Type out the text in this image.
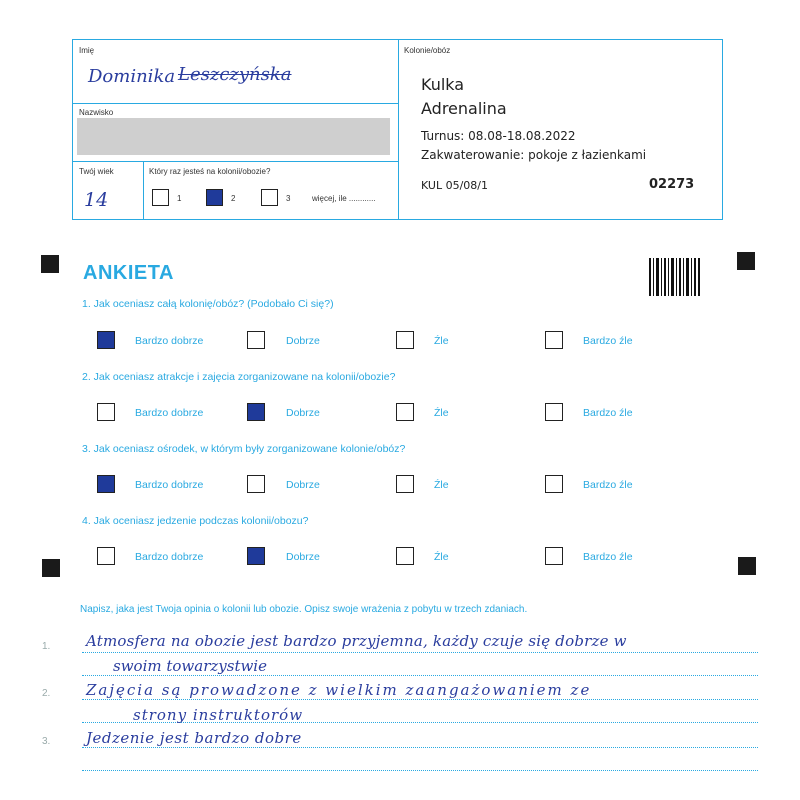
Imię
Dominika Leszczyńska
Nazwisko
Twój wiek
14
Który raz jesteś na kolonii/obozie?
1	2	3	więcej, ile ............
Kolonie/obóz
Kulka
Adrenalina
Turnus: 08.08-18.08.2022
Zakwaterowanie: pokoje z łazienkami
KUL 05/08/1	02273
ANKIETA
1. Jak oceniasz całą kolonię/obóz? (Podobało Ci się?)
2. Jak oceniasz atrakcje i zajęcia zorganizowane na kolonii/obozie?
3. Jak oceniasz ośrodek, w którym były zorganizowane kolonie/obóz?
4. Jak oceniasz jedzenie podczas kolonii/obozu?
Bardzo dobrze	Dobrze	Źle	Bardzo źle
Bardzo dobrze	Dobrze	Źle	Bardzo źle
Bardzo dobrze	Dobrze	Źle	Bardzo źle
Bardzo dobrze	Dobrze	Źle	Bardzo źle
Napisz, jaka jest Twoja opinia o kolonii lub obozie. Opisz swoje wrażenia z pobytu w trzech zdaniach.
1. Atmosfera na obozie jest bardzo przyjemna, każdy czuje się dobrze w
swoim towarzystwie
2. Zajęcia są prowadzone z wielkim zaangażowaniem ze
strony instruktorów
3. Jedzenie jest bardzo dobre
